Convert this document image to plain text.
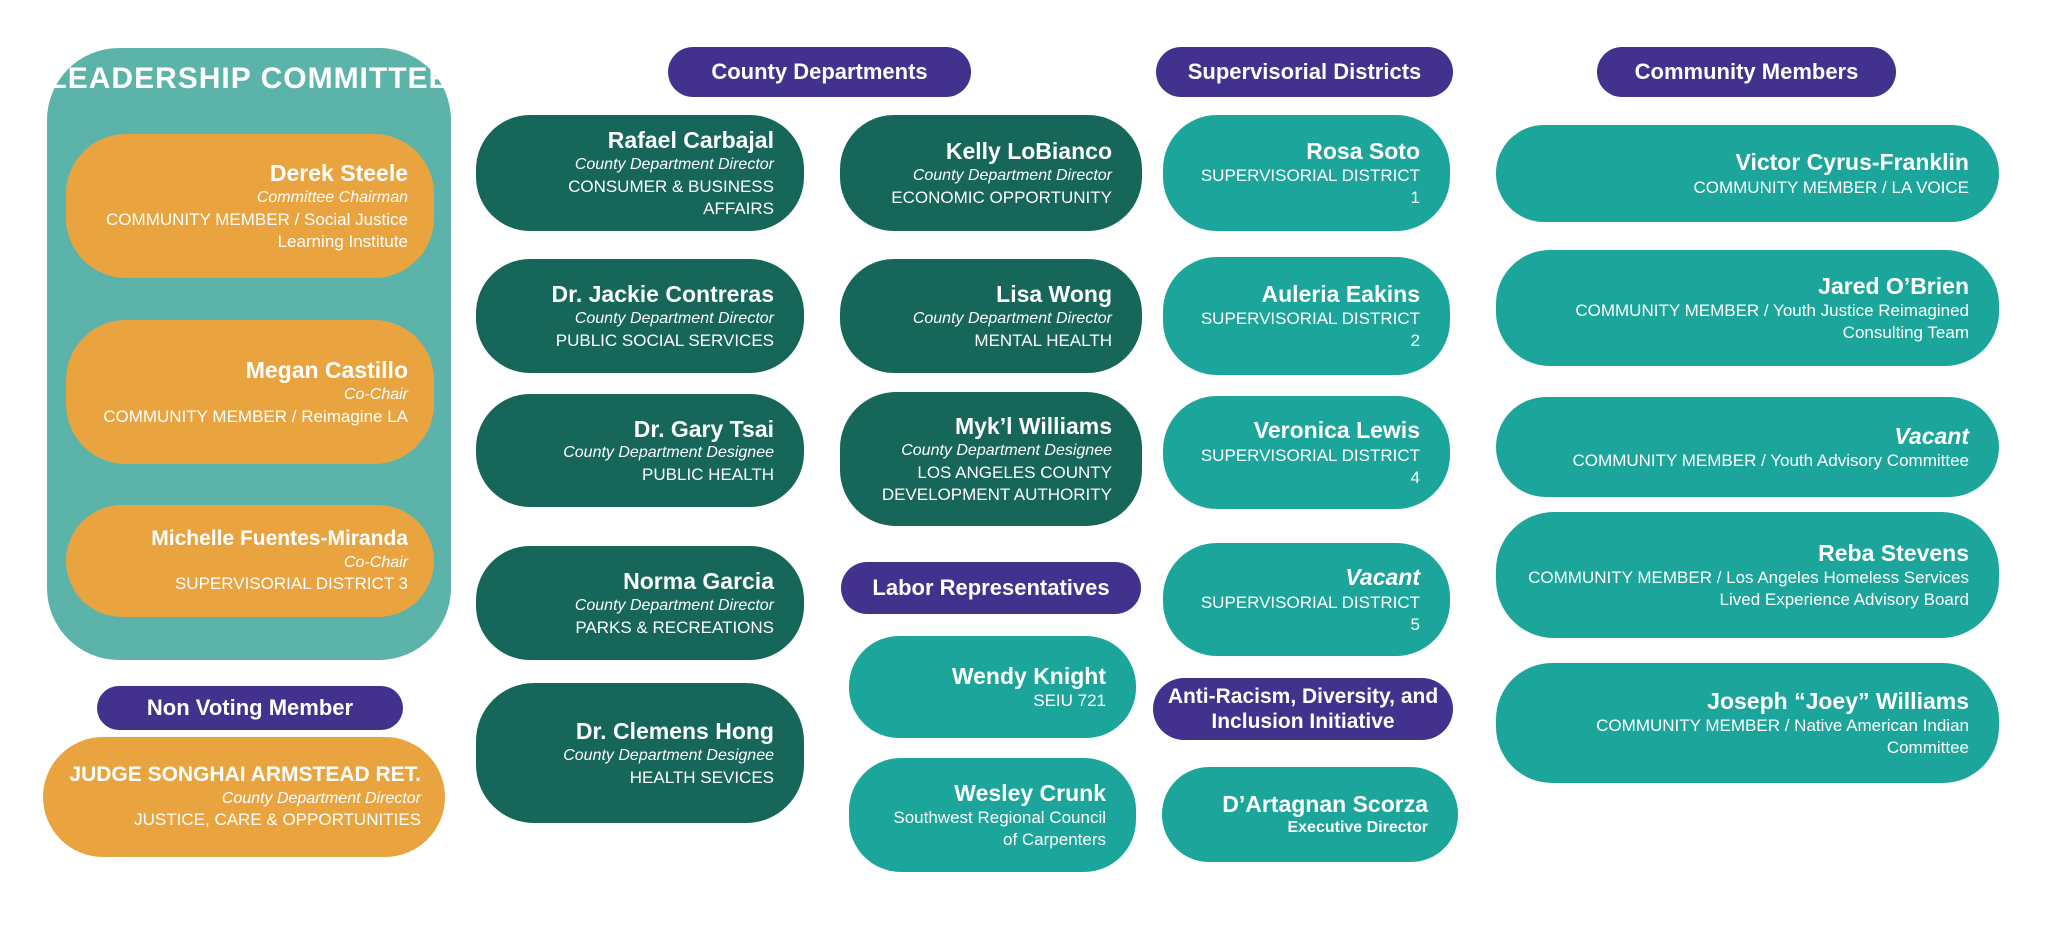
LEADERSHIP COMMITTEE
Derek Steele
Committee Chairman
COMMUNITY MEMBER / Social Justice Learning Institute
Megan Castillo
Co-Chair
COMMUNITY MEMBER / Reimagine LA
Michelle Fuentes-Miranda
Co-Chair
SUPERVISORIAL DISTRICT 3
Non Voting Member
JUDGE SONGHAI ARMSTEAD RET.
County Department Director
JUSTICE, CARE & OPPORTUNITIES
County Departments
Rafael Carbajal
County Department Director
CONSUMER & BUSINESS AFFAIRS
Dr. Jackie Contreras
County Department Director
PUBLIC SOCIAL SERVICES
Dr. Gary Tsai
County Department Designee
PUBLIC HEALTH
Norma Garcia
County Department Director
PARKS & RECREATIONS
Dr. Clemens Hong
County Department Designee
HEALTH SEVICES
Kelly LoBianco
County Department Director
ECONOMIC OPPORTUNITY
Lisa Wong
County Department Director
MENTAL HEALTH
Myk’l Williams
County Department Designee
LOS ANGELES COUNTY DEVELOPMENT AUTHORITY
Labor Representatives
Wendy Knight
SEIU 721
Wesley Crunk
Southwest Regional Council of Carpenters
Supervisorial Districts
Rosa Soto
SUPERVISORIAL DISTRICT 1
Auleria Eakins
SUPERVISORIAL DISTRICT 2
Veronica Lewis
SUPERVISORIAL DISTRICT 4
Vacant
SUPERVISORIAL DISTRICT 5
Anti-Racism, Diversity, and Inclusion Initiative
D’Artagnan Scorza
Executive Director
Community Members
Victor Cyrus-Franklin
COMMUNITY MEMBER / LA VOICE
Jared O’Brien
COMMUNITY MEMBER / Youth Justice Reimagined Consulting Team
Vacant
COMMUNITY MEMBER / Youth Advisory Committee
Reba Stevens
COMMUNITY MEMBER / Los Angeles Homeless Services Lived Experience Advisory Board
Joseph “Joey” Williams
COMMUNITY MEMBER / Native American Indian Committee
